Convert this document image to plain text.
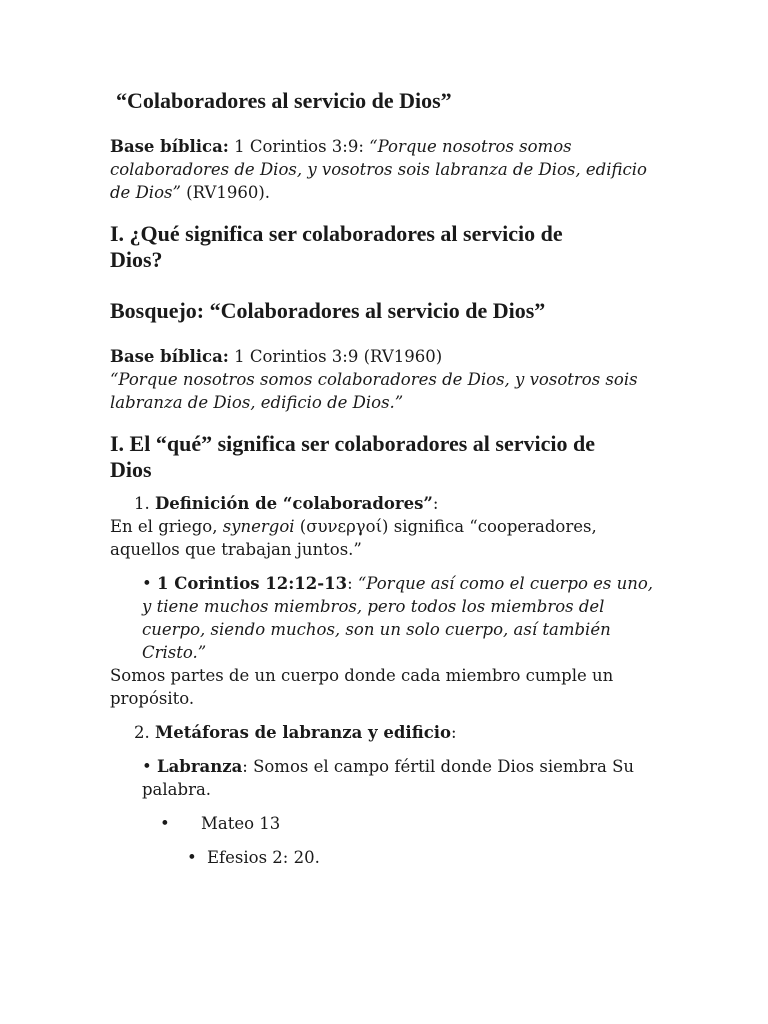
“Colaboradores al servicio de Dios”
Base bíblica: 1 Corintios 3:9: “Porque nosotros somos
colaboradores de Dios, y vosotros sois labranza de Dios, edificio
de Dios” (RV1960).
I. ¿Qué significa ser colaboradores al servicio de
Dios?
Bosquejo: “Colaboradores al servicio de Dios”
Base bíblica: 1 Corintios 3:9 (RV1960)
“Porque nosotros somos colaboradores de Dios, y vosotros sois
labranza de Dios, edificio de Dios.”
I. El “qué” significa ser colaboradores al servicio de
Dios
1. Definición de “colaboradores”:
En el griego, synergoi (συνεργοί) significa “cooperadores,
aquellos que trabajan juntos.”
• 1 Corintios 12:12-13: “Porque así como el cuerpo es uno,
y tiene muchos miembros, pero todos los miembros del
cuerpo, siendo muchos, son un solo cuerpo, así también
Cristo.”
Somos partes de un cuerpo donde cada miembro cumple un
propósito.
2. Metáforas de labranza y edificio:
• Labranza: Somos el campo fértil donde Dios siembra Su
palabra.
• Mateo 13
• Efesios 2: 20.
